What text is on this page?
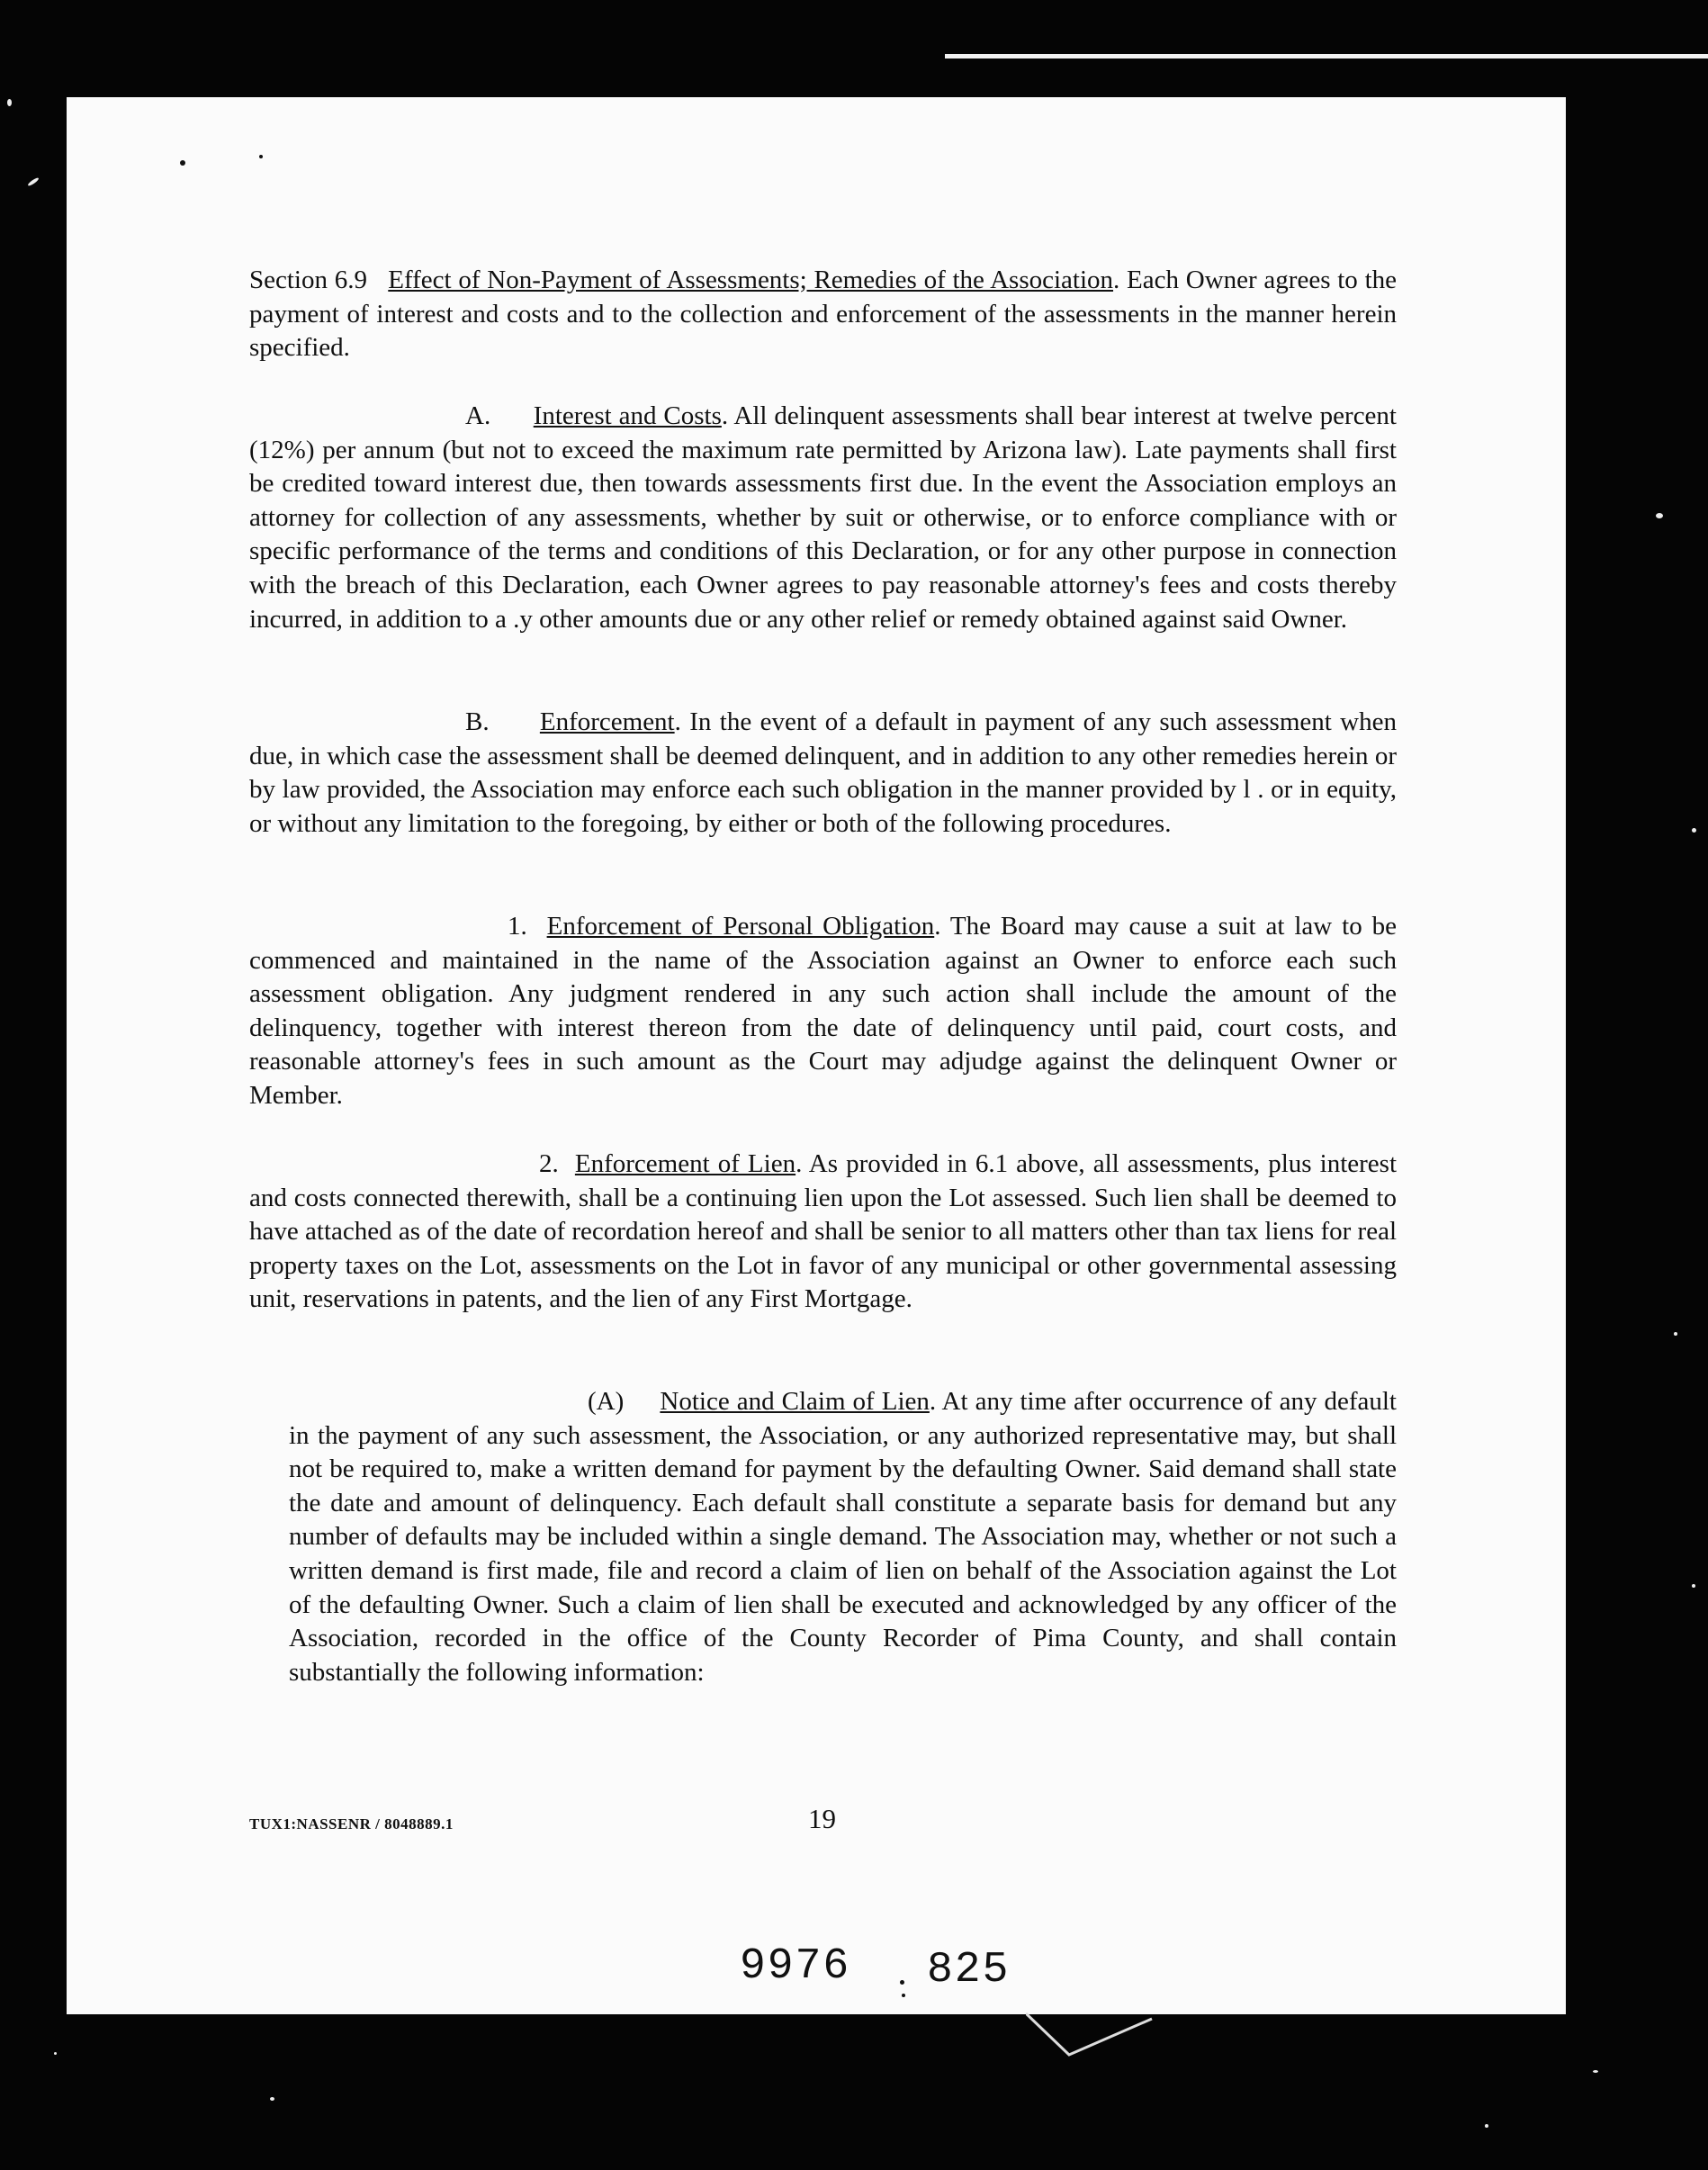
Section 6.9 Effect of Non-Payment of Assessments; Remedies of the Association. Each Owner agrees to the payment of interest and costs and to the collection and enforcement of the assessments in the manner herein specified.
A. Interest and Costs. All delinquent assessments shall bear interest at twelve percent (12%) per annum (but not to exceed the maximum rate permitted by Arizona law). Late payments shall first be credited toward interest due, then towards assessments first due. In the event the Association employs an attorney for collection of any assessments, whether by suit or otherwise, or to enforce compliance with or specific performance of the terms and conditions of this Declaration, or for any other purpose in connection with the breach of this Declaration, each Owner agrees to pay reasonable attorney's fees and costs thereby incurred, in addition to a .y other amounts due or any other relief or remedy obtained against said Owner.
B. Enforcement. In the event of a default in payment of any such assessment when due, in which case the assessment shall be deemed delinquent, and in addition to any other remedies herein or by law provided, the Association may enforce each such obligation in the manner provided by l . or in equity, or without any limitation to the foregoing, by either or both of the following procedures.
1. Enforcement of Personal Obligation. The Board may cause a suit at law to be commenced and maintained in the name of the Association against an Owner to enforce each such assessment obligation. Any judgment rendered in any such action shall include the amount of the delinquency, together with interest thereon from the date of delinquency until paid, court costs, and reasonable attorney's fees in such amount as the Court may adjudge against the delinquent Owner or Member.
2. Enforcement of Lien. As provided in 6.1 above, all assessments, plus interest and costs connected therewith, shall be a continuing lien upon the Lot assessed. Such lien shall be deemed to have attached as of the date of recordation hereof and shall be senior to all matters other than tax liens for real property taxes on the Lot, assessments on the Lot in favor of any municipal or other governmental assessing unit, reservations in patents, and the lien of any First Mortgage.
(A) Notice and Claim of Lien. At any time after occurrence of any default in the payment of any such assessment, the Association, or any authorized representative may, but shall not be required to, make a written demand for payment by the defaulting Owner. Said demand shall state the date and amount of delinquency. Each default shall constitute a separate basis for demand but any number of defaults may be included within a single demand. The Association may, whether or not such a written demand is first made, file and record a claim of lien on behalf of the Association against the Lot of the defaulting Owner. Such a claim of lien shall be executed and acknowledged by any officer of the Association, recorded in the office of the County Recorder of Pima County, and shall contain substantially the following information:
TUX1:NASSENR / 8048889.1	19
9976 825
